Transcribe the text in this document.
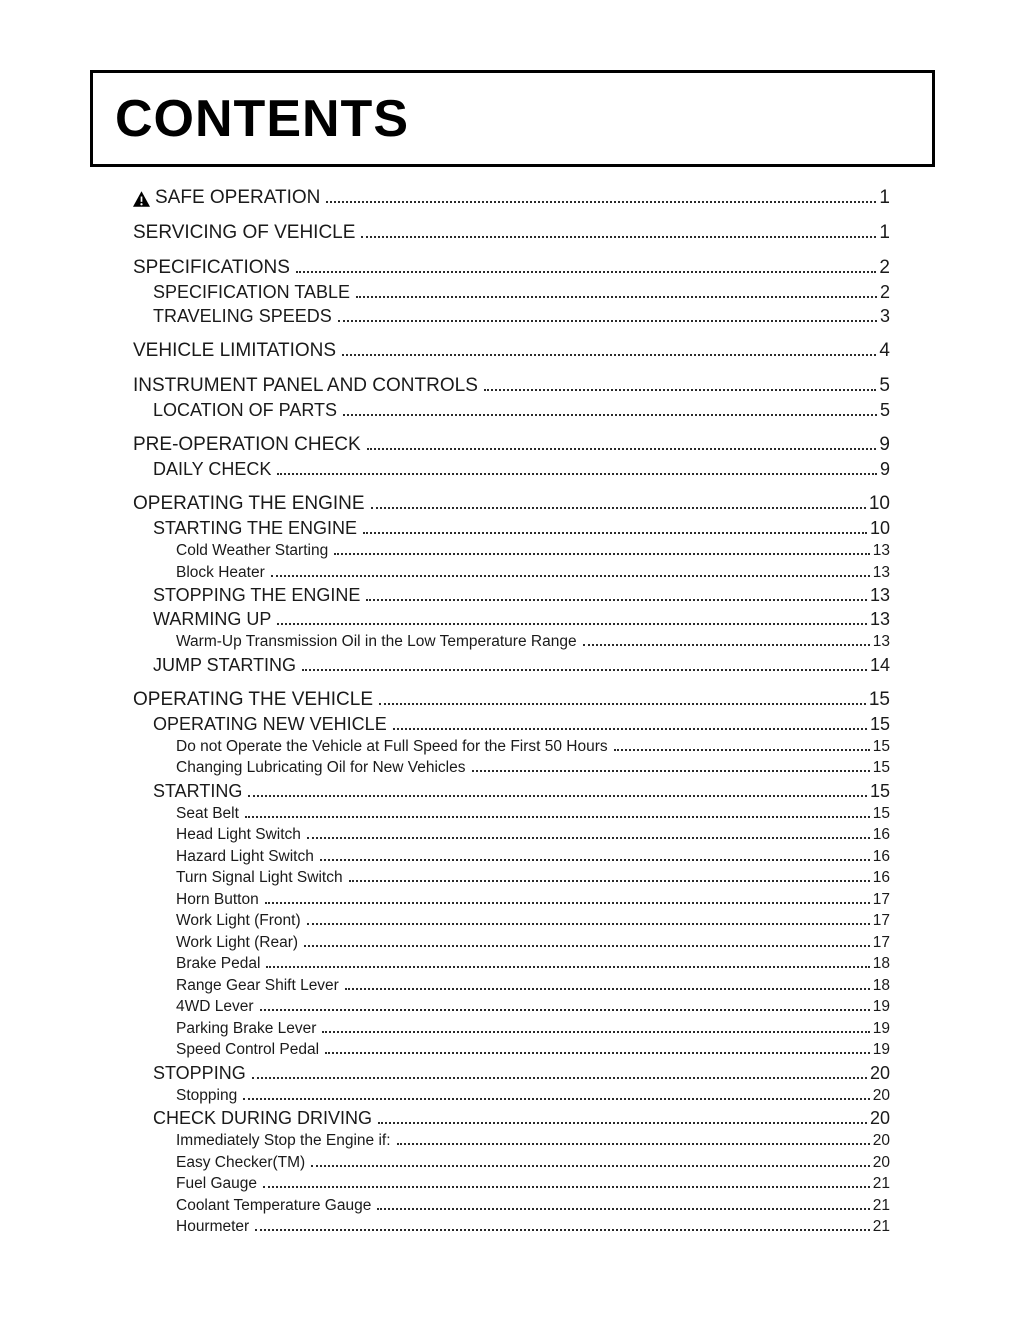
CONTENTS
SAFE OPERATION	1
SERVICING OF VEHICLE	1
SPECIFICATIONS	2
SPECIFICATION TABLE	2
TRAVELING SPEEDS	3
VEHICLE LIMITATIONS	4
INSTRUMENT PANEL AND CONTROLS	5
LOCATION OF PARTS	5
PRE-OPERATION CHECK	9
DAILY CHECK	9
OPERATING THE ENGINE	10
STARTING THE ENGINE	10
Cold Weather Starting	13
Block Heater	13
STOPPING THE ENGINE	13
WARMING UP	13
Warm-Up Transmission Oil in the Low Temperature Range	13
JUMP STARTING	14
OPERATING THE VEHICLE	15
OPERATING NEW VEHICLE	15
Do not Operate the Vehicle at Full Speed for the First 50 Hours	15
Changing Lubricating Oil for New Vehicles	15
STARTING	15
Seat Belt	15
Head Light Switch	16
Hazard Light Switch	16
Turn Signal Light Switch	16
Horn Button	17
Work Light (Front)	17
Work Light (Rear)	17
Brake Pedal	18
Range Gear Shift Lever	18
4WD Lever	19
Parking Brake Lever	19
Speed Control Pedal	19
STOPPING	20
Stopping	20
CHECK DURING DRIVING	20
Immediately Stop the Engine if:	20
Easy Checker(TM)	20
Fuel Gauge	21
Coolant Temperature Gauge	21
Hourmeter	21
